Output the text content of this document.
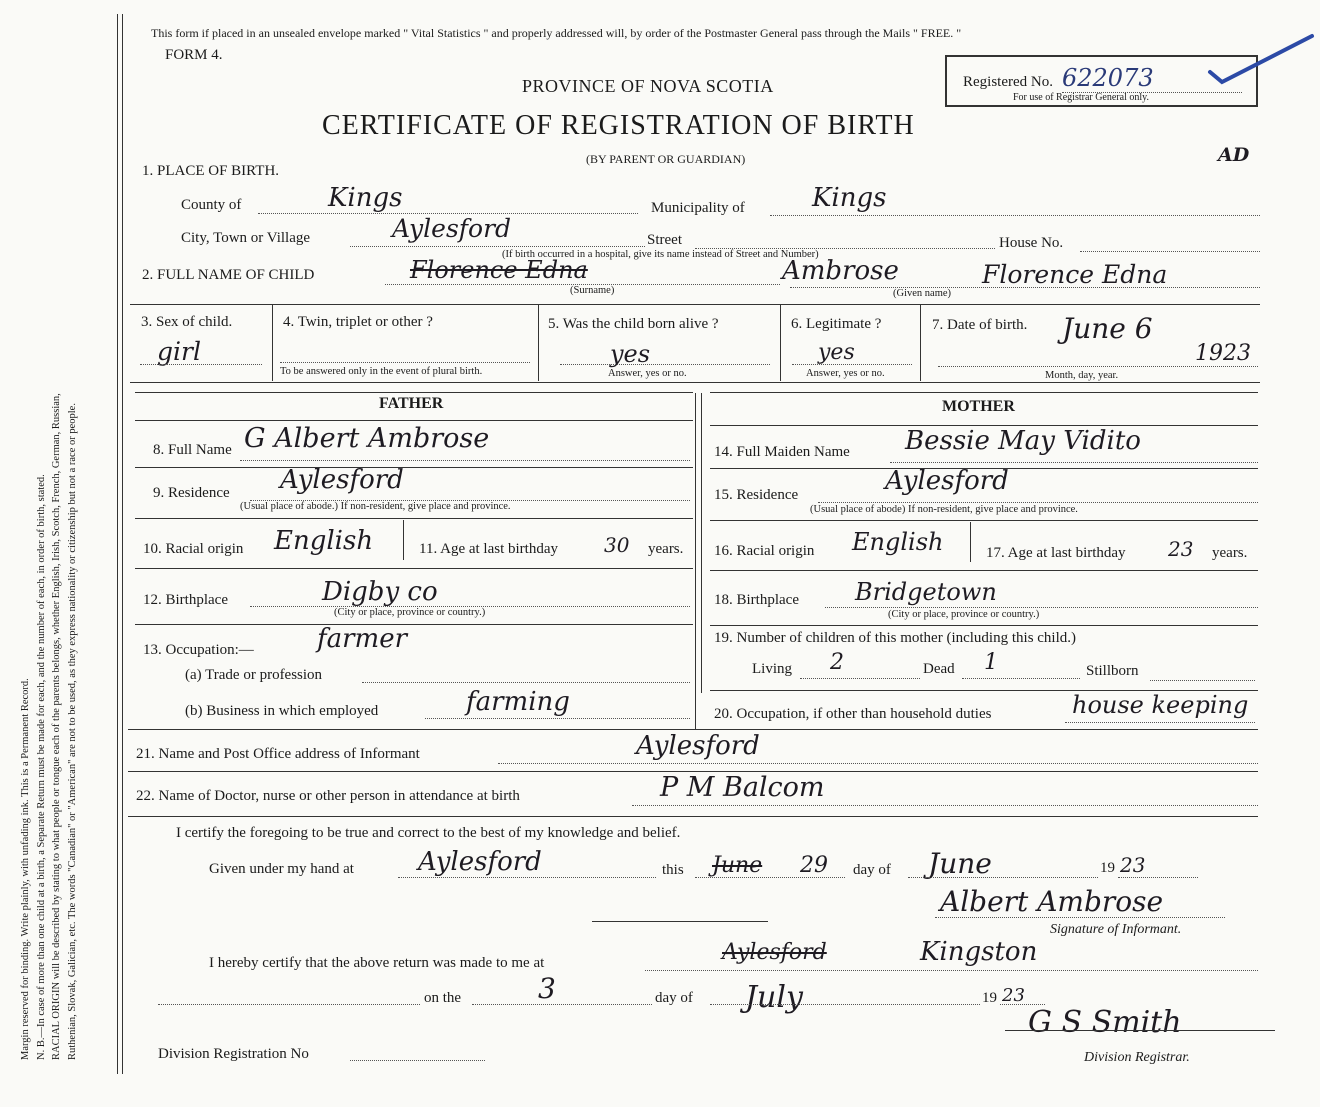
Margin reserved for binding. Write plainly, with unfading ink. This is a Permanent Record. N. B.—In case of more than one child at a birth, a Separate Return must be made for each, and the number of each, in order of birth, stated. RACIAL ORIGIN will be described by stating to what people or tongue each of the parents belongs, whether English, Irish, Scotch, French, German, Russian, Ruthenian, Slovak, Galician, etc. The words "Canadian" or "American" are not to be used, as they express nationality or citizenship but not a race or people.
This form if placed in an unsealed envelope marked " Vital Statistics " and properly addressed will, by order of the Postmaster General pass through the Mails " FREE. "
FORM 4.
PROVINCE OF NOVA SCOTIA
CERTIFICATE OF REGISTRATION OF BIRTH
(BY PARENT OR GUARDIAN)
Registered No. 622073
For use of Registrar General only.
AD
1. PLACE OF BIRTH.
County of	Kings	Municipality of	Kings
City, Town or Village	Aylesford	Street	House No.
(If birth occurred in a hospital, give its name instead of Street and Number)
2. FULL NAME OF CHILD	Florence Edna
(Surname)
Ambrose	Florence Edna
(Given name)
3. Sex of child.
girl
4. Twin, triplet or other ?
To be answered only in the event of plural birth.
5. Was the child born alive ?
yes
Answer, yes or no.
6. Legitimate ?
yes
Answer, yes or no.
7. Date of birth. June 6
1923
Month, day, year.
FATHER	MOTHER
8. Full Name G Albert Ambrose
9. Residence Aylesford
(Usual place of abode.) If non-resident, give place and province.
10. Racial origin English	11. Age at last birthday 30 years.
12. Birthplace	Digby co
(City or place, province or country.)
13. Occupation:— farmer
(a) Trade or profession
(b) Business in which employed	farming
14. Full Maiden Name Bessie May Vidito
15. Residence	Aylesford
(Usual place of abode) If non-resident, give place and province.
16. Racial origin English	17. Age at last birthday 23 years.
18. Birthplace Bridgetown
(City or place, province or country.)
19. Number of children of this mother (including this child.)
Living 2	Dead 1	Stillborn
20. Occupation, if other than household duties	house keeping
21. Name and Post Office address of Informant	Aylesford
22. Name of Doctor, nurse or other person in attendance at birth	P M Balcom
I certify the foregoing to be true and correct to the best of my knowledge and belief.
Given under my hand at Aylesford	this June 29 day of June	19 23
Albert Ambrose
Signature of Informant.
I hereby certify that the above return was made to me at	Aylesford	Kingston
on the	3	day of July	19 23
G S Smith
Division Registrar.
Division Registration No
